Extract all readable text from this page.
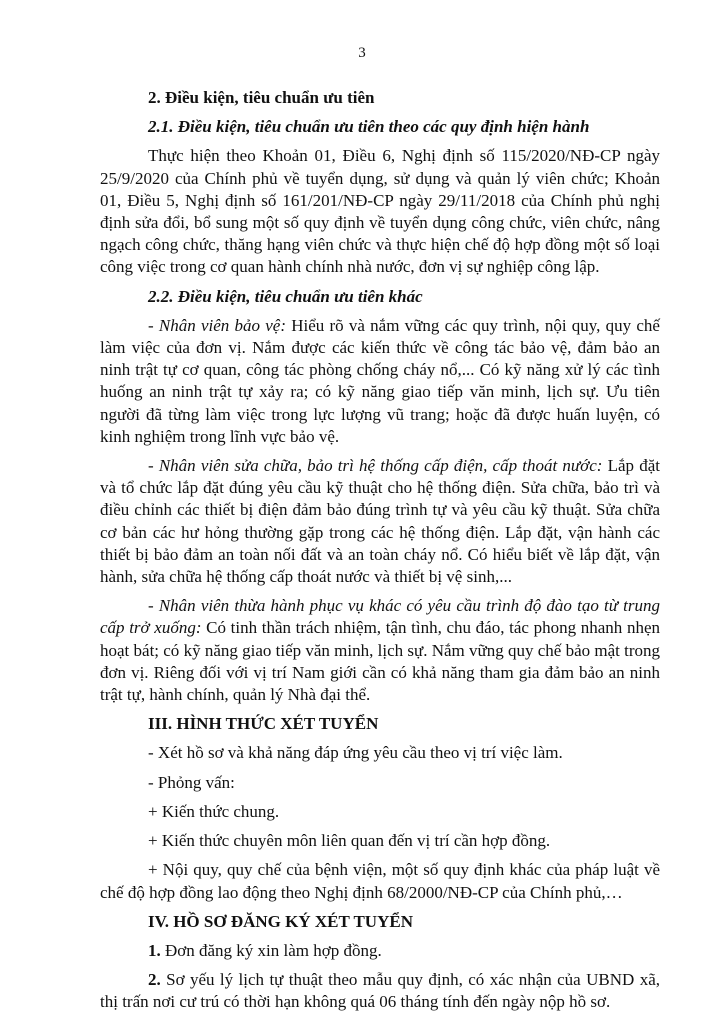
3

2. Điều kiện, tiêu chuẩn ưu tiên

2.1. Điều kiện, tiêu chuẩn ưu tiên theo các quy định hiện hành

Thực hiện theo Khoản 01, Điều 6, Nghị định số 115/2020/NĐ-CP ngày 25/9/2020 của Chính phủ về tuyển dụng, sử dụng và quản lý viên chức; Khoản 01, Điều 5, Nghị định số 161/201/NĐ-CP ngày 29/11/2018 của Chính phủ nghị định sửa đổi, bổ sung một số quy định về tuyển dụng công chức, viên chức, nâng ngạch công chức, thăng hạng viên chức và thực hiện chế độ hợp đồng một số loại công việc trong cơ quan hành chính nhà nước, đơn vị sự nghiệp công lập.

2.2. Điều kiện, tiêu chuẩn ưu tiên khác

- Nhân viên bảo vệ: Hiểu rõ và nắm vững các quy trình, nội quy, quy chế làm việc của đơn vị. Nắm được các kiến thức về công tác bảo vệ, đảm bảo an ninh trật tự cơ quan, công tác phòng chống cháy nổ,... Có kỹ năng xử lý các tình huống an ninh trật tự xảy ra; có kỹ năng giao tiếp văn minh, lịch sự. Ưu tiên người đã từng làm việc trong lực lượng vũ trang; hoặc đã được huấn luyện, có kinh nghiệm trong lĩnh vực bảo vệ.

- Nhân viên sửa chữa, bảo trì hệ thống cấp điện, cấp thoát nước: Lắp đặt và tổ chức lắp đặt đúng yêu cầu kỹ thuật cho hệ thống điện. Sửa chữa, bảo trì và điều chỉnh các thiết bị điện đảm bảo đúng trình tự và yêu cầu kỹ thuật. Sửa chữa cơ bản các hư hỏng thường gặp trong các hệ thống điện. Lắp đặt, vận hành các thiết bị bảo đảm an toàn nối đất và an toàn cháy nổ. Có hiểu biết về lắp đặt, vận hành, sửa chữa hệ thống cấp thoát nước và thiết bị vệ sinh,...

- Nhân viên thừa hành phục vụ khác có yêu cầu trình độ đào tạo từ trung cấp trở xuống: Có tinh thần trách nhiệm, tận tình, chu đáo, tác phong nhanh nhẹn hoạt bát; có kỹ năng giao tiếp văn minh, lịch sự. Nắm vững quy chế bảo mật trong đơn vị. Riêng đối với vị trí Nam giới cần có khả năng tham gia đảm bảo an ninh trật tự, hành chính, quản lý Nhà đại thể.

III. HÌNH THỨC XÉT TUYỂN

- Xét hồ sơ và khả năng đáp ứng yêu cầu theo vị trí việc làm.

- Phỏng vấn:

+ Kiến thức chung.

+ Kiến thức chuyên môn liên quan đến vị trí cần hợp đồng.

+ Nội quy, quy chế của bệnh viện, một số quy định khác của pháp luật về chế độ hợp đồng lao động theo Nghị định 68/2000/NĐ-CP của Chính phủ,…

IV. HỒ SƠ ĐĂNG KÝ XÉT TUYỂN

1. Đơn đăng ký xin làm hợp đồng.

2. Sơ yếu lý lịch tự thuật theo mẫu quy định, có xác nhận của UBND xã, thị trấn nơi cư trú có thời hạn không quá 06 tháng tính đến ngày nộp hồ sơ.
